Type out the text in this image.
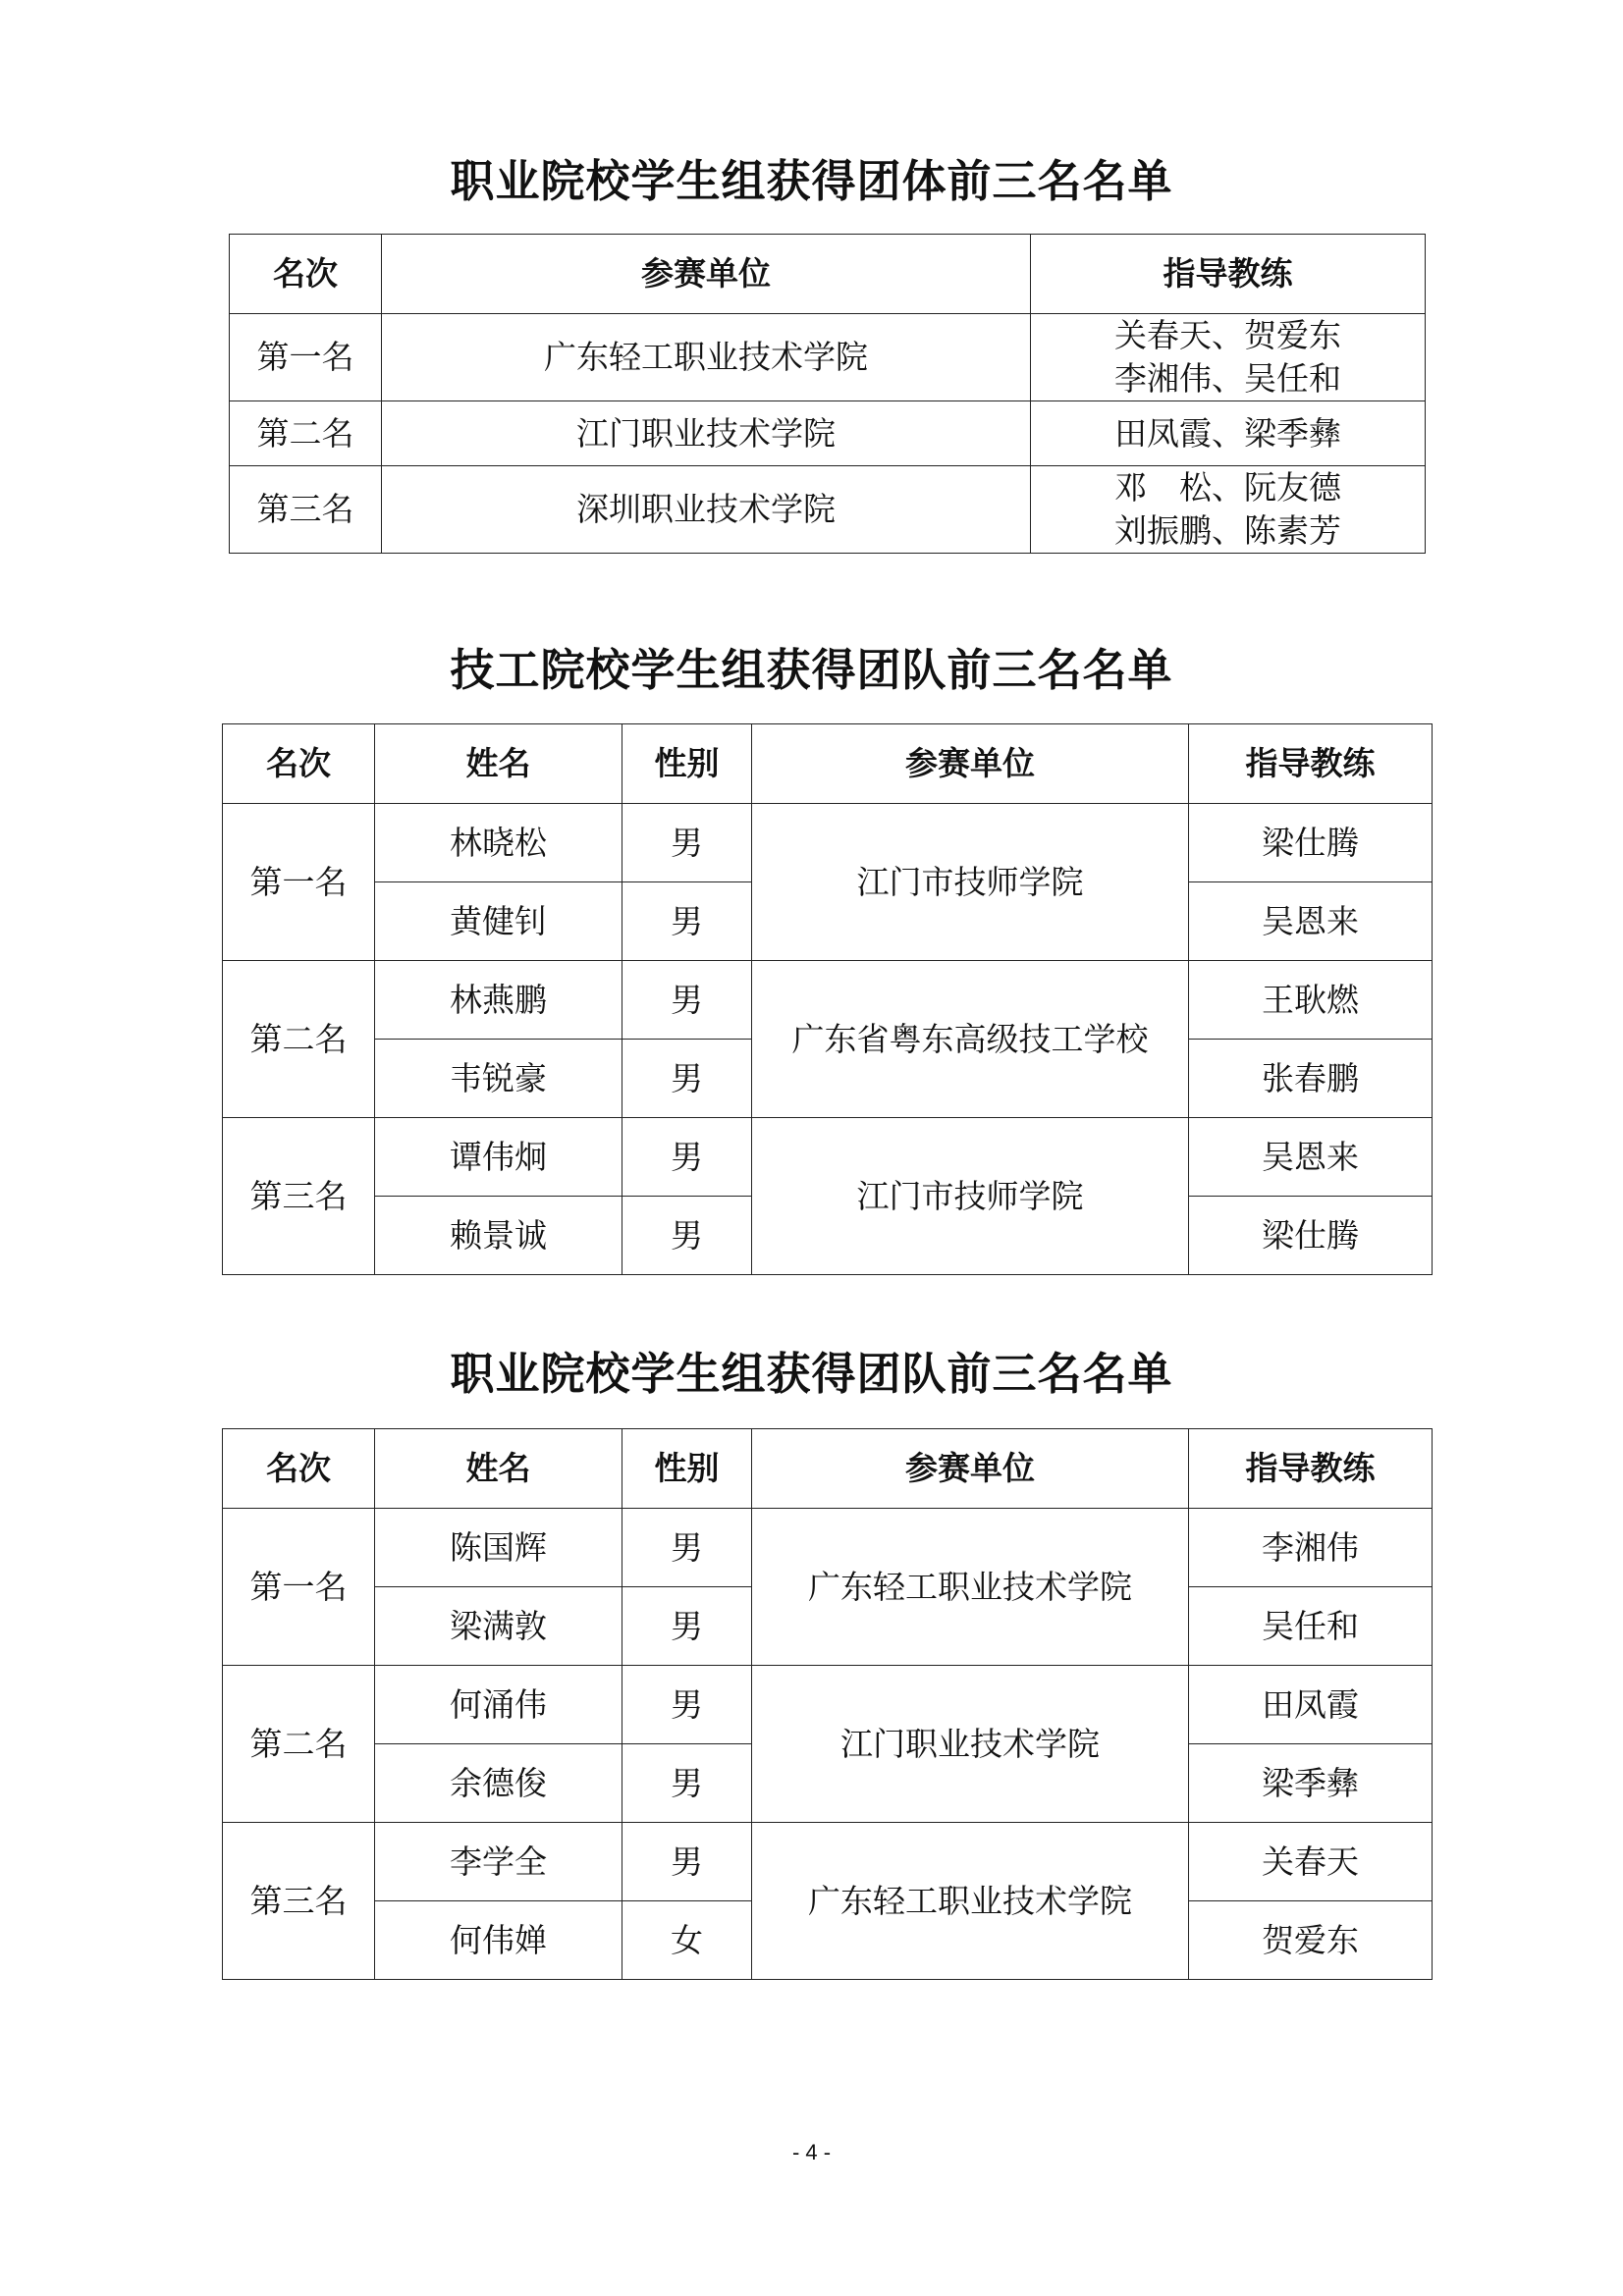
职业院校学生组获得团体前三名名单
名次	参赛单位	指导教练
第一名	广东轻工职业技术学院	关春天、贺爱东
李湘伟、吴任和

第二名	江门职业技术学院	田凤霞、梁季彝

第三名	深圳职业技术学院	邓　松、阮友德
刘振鹏、陈素芳
技工院校学生组获得团队前三名名单
名次	姓名	性别	参赛单位	指导教练
第一名	林晓松	男	江门市技师学院	梁仕腾
	黄健钊	男		吴恩来
第二名	林燕鹏	男	广东省粤东高级技工学校	王耿燃
	韦锐豪	男		张春鹏
第三名	谭伟炯	男	江门市技师学院	吴恩来
	赖景诚	男		梁仕腾
职业院校学生组获得团队前三名名单
名次	姓名	性别	参赛单位	指导教练
第一名	陈国辉	男	广东轻工职业技术学院	李湘伟
	梁满敦	男		吴任和
第二名	何涌伟	男	江门职业技术学院	田凤霞
	余德俊	男		梁季彝
第三名	李学全	男	广东轻工职业技术学院	关春天
	何伟婵	女		贺爱东
- 4 -
